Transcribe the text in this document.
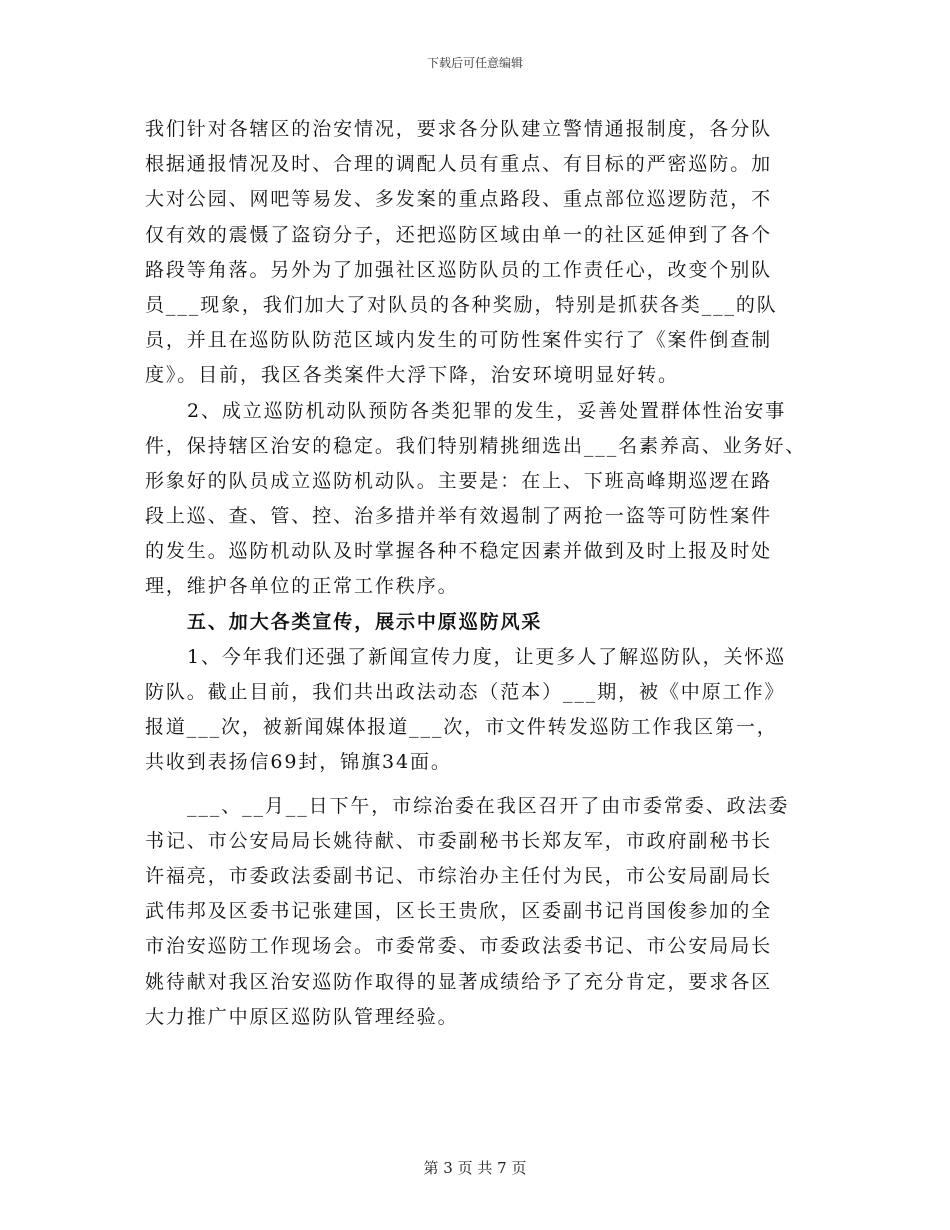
下载后可任意编辑
我们针对各辖区的治安情况，要求各分队建立警情通报制度，各分队
根据通报情况及时、合理的调配人员有重点、有目标的严密巡防。加
大对公园、网吧等易发、多发案的重点路段、重点部位巡逻防范，不
仅有效的震慑了盗窃分子，还把巡防区域由单一的社区延伸到了各个
路段等角落。另外为了加强社区巡防队员的工作责任心，改变个别队
员___现象，我们加大了对队员的各种奖励，特别是抓获各类___的队
员，并且在巡防队防范区域内发生的可防性案件实行了《案件倒查制
度》。目前，我区各类案件大浮下降，治安环境明显好转。
2、成立巡防机动队预防各类犯罪的发生，妥善处置群体性治安事
件，保持辖区治安的稳定。我们特别精挑细选出___名素养高、业务好、
形象好的队员成立巡防机动队。主要是：在上、下班高峰期巡逻在路
段上巡、查、管、控、治多措并举有效遏制了两抢一盗等可防性案件
的发生。巡防机动队及时掌握各种不稳定因素并做到及时上报及时处
理，维护各单位的正常工作秩序。
五、加大各类宣传，展示中原巡防风采
1、今年我们还强了新闻宣传力度，让更多人了解巡防队，关怀巡
防队。截止目前，我们共出政法动态（范本）___期，被《中原工作》
报道___次，被新闻媒体报道___次，市文件转发巡防工作我区第一，
共收到表扬信69封，锦旗34面。
___、__月__日下午，市综治委在我区召开了由市委常委、政法委
书记、市公安局局长姚待献、市委副秘书长郑友军，市政府副秘书长
许福亮，市委政法委副书记、市综治办主任付为民，市公安局副局长
武伟邦及区委书记张建国，区长王贵欣，区委副书记肖国俊参加的全
市治安巡防工作现场会。市委常委、市委政法委书记、市公安局局长
姚待献对我区治安巡防作取得的显著成绩给予了充分肯定，要求各区
大力推广中原区巡防队管理经验。
第 3 页 共 7 页
